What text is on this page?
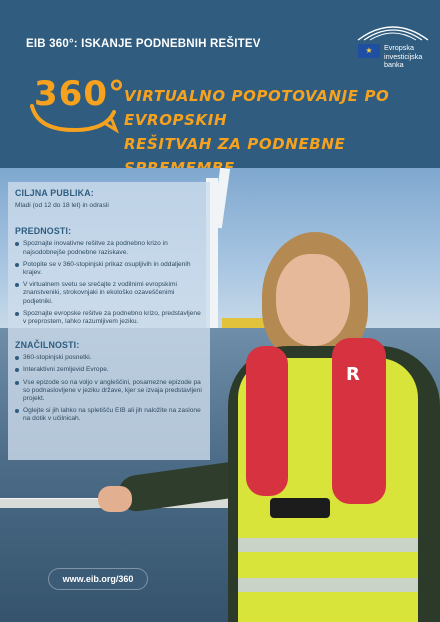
EIB 360°: ISKANJE PODNEBNIH REŠITEV
★ Evropska
investicijska banka
360°
VIRTUALNO POPOTOVANJE PO EVROPSKIH
REŠITVAH ZA PODNEBNE
R
CILJNA PUBLIKA:
Mladi (od 12 do 18 let) in odrasli
PREDNOSTI:
Spoznajte inovativne rešitve za podnebno krizo in najsodobnejše podnebne raziskave.
Potopite se v 360-stopinjski prikaz osupljivih in oddaljenih krajev.
V virtualnem svetu se srečajte z vodilnimi evropskimi znanstveniki, strokovnjaki in ekološko ozaveščenimi podjetniki.
Spoznajte evropske rešitve za podnebno krizo, predstavljene v preprostem, lahko razumljivem jeziku.
ZNAČILNOSTI:
360-stopinjski posnetki.
Interaktivni zemljevid Evrope.
Vse epizode so na voljo v angleščini, posamezne epizode pa so podnaslovljene v jeziku države, kjer se izvaja predstavljeni projekt.
Oglejte si jih lahko na spletišču EIB ali jih naložite na zaslone na dotik v učilnicah.
www.eib.org/360
